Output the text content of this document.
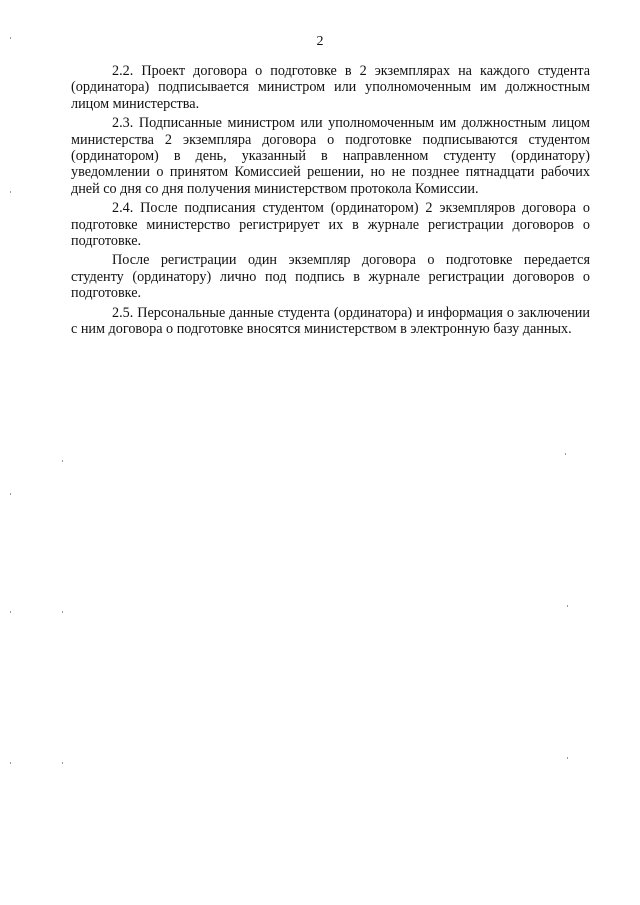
2

2.2. Проект договора о подготовке в 2 экземплярах на каждого студента (ординатора) подписывается министром или уполномоченным им должностным лицом министерства.

2.3. Подписанные министром или уполномоченным им должностным лицом министерства 2 экземпляра договора о подготовке подписываются студентом (ординатором) в день, указанный в направленном студенту (ординатору) уведомлении о принятом Комиссией решении, но не позднее пятнадцати рабочих дней со дня со дня получения министерством протокола Комиссии.

2.4. После подписания студентом (ординатором) 2 экземпляров договора о подготовке министерство регистрирует их в журнале регистрации договоров о подготовке.

После регистрации один экземпляр договора о подготовке передается студенту (ординатору) лично под подпись в журнале регистрации договоров о подготовке.

2.5. Персональные данные студента (ординатора) и информация о заключении с ним договора о подготовке вносятся министерством в электронную базу данных.
